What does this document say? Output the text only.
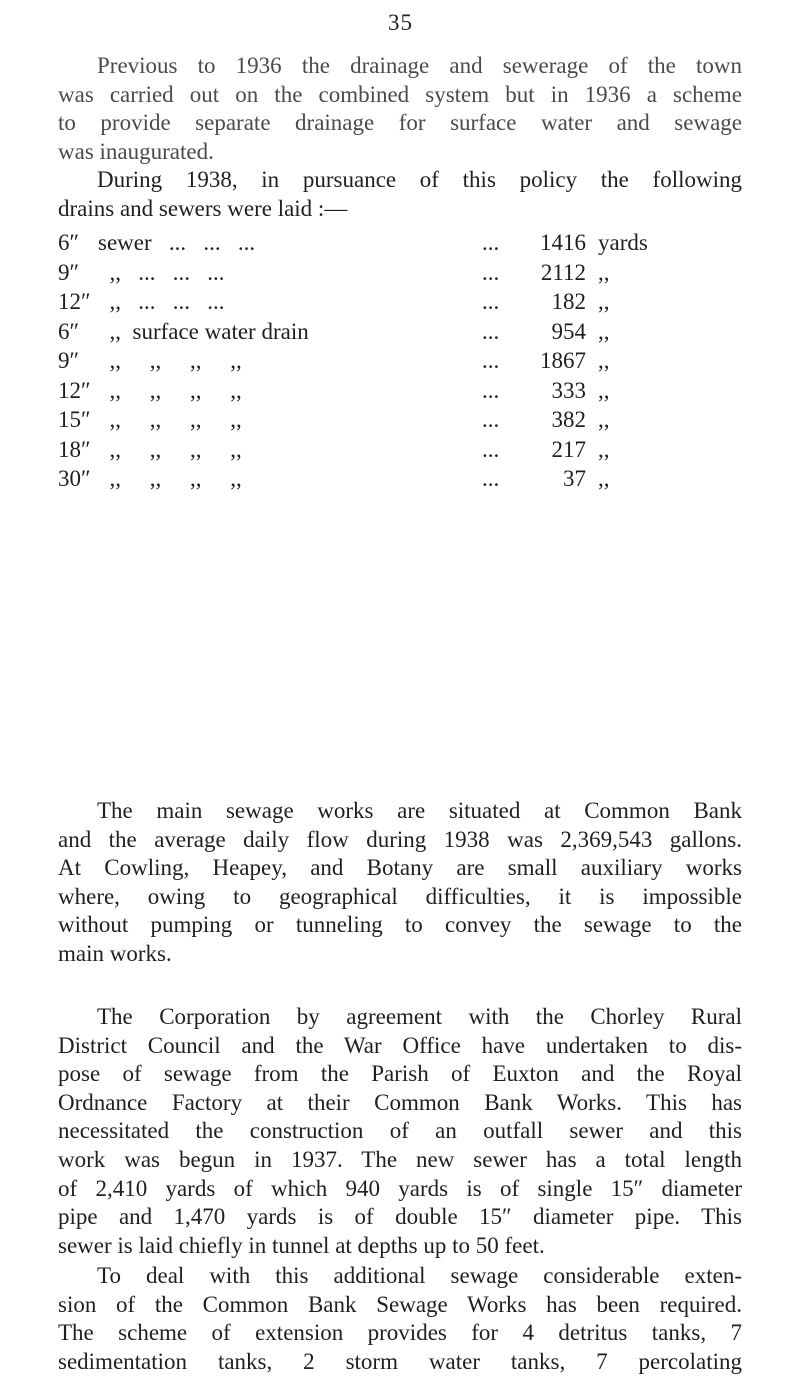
35

Previous to 1936 the drainage and sewerage of the town
was carried out on the combined system but in 1936 a scheme
to provide separate drainage for surface water and sewage
was inaugurated.

During 1938, in pursuance of this policy the following
drains and sewers were laid :—

6″	sewer   ...   ...   ...	...	1416	yards
9″	,,   ...   ...   ...	...	2112	,,
12″	,,   ...   ...   ...	...	182	,,
6″	,,  surface water drain	...	954	,,
9″	,,     ,,     ,,     ,,	...	1867	,,
12″	,,     ,,     ,,     ,,	...	333	,,
15″	,,     ,,     ,,     ,,	...	382	,,
18″	,,     ,,     ,,     ,,	...	217	,,
30″	,,     ,,     ,,     ,,	...	37	,,

The main sewage works are situated at Common Bank
and the average daily flow during 1938 was 2,369,543 gallons.
At Cowling, Heapey, and Botany are small auxiliary works
where, owing to geographical difficulties, it is impossible
without pumping or tunneling to convey the sewage to the
main works.

The Corporation by agreement with the Chorley Rural
District Council and the War Office have undertaken to dis-
pose of sewage from the Parish of Euxton and the Royal
Ordnance Factory at their Common Bank Works. This has
necessitated the construction of an outfall sewer and this
work was begun in 1937. The new sewer has a total length
of 2,410 yards of which 940 yards is of single 15″ diameter
pipe and 1,470 yards is of double 15″ diameter pipe. This
sewer is laid chiefly in tunnel at depths up to 50 feet.

To deal with this additional sewage considerable exten-
sion of the Common Bank Sewage Works has been required.
The scheme of extension provides for 4 detritus tanks, 7
sedimentation tanks, 2 storm water tanks, 7 percolating
